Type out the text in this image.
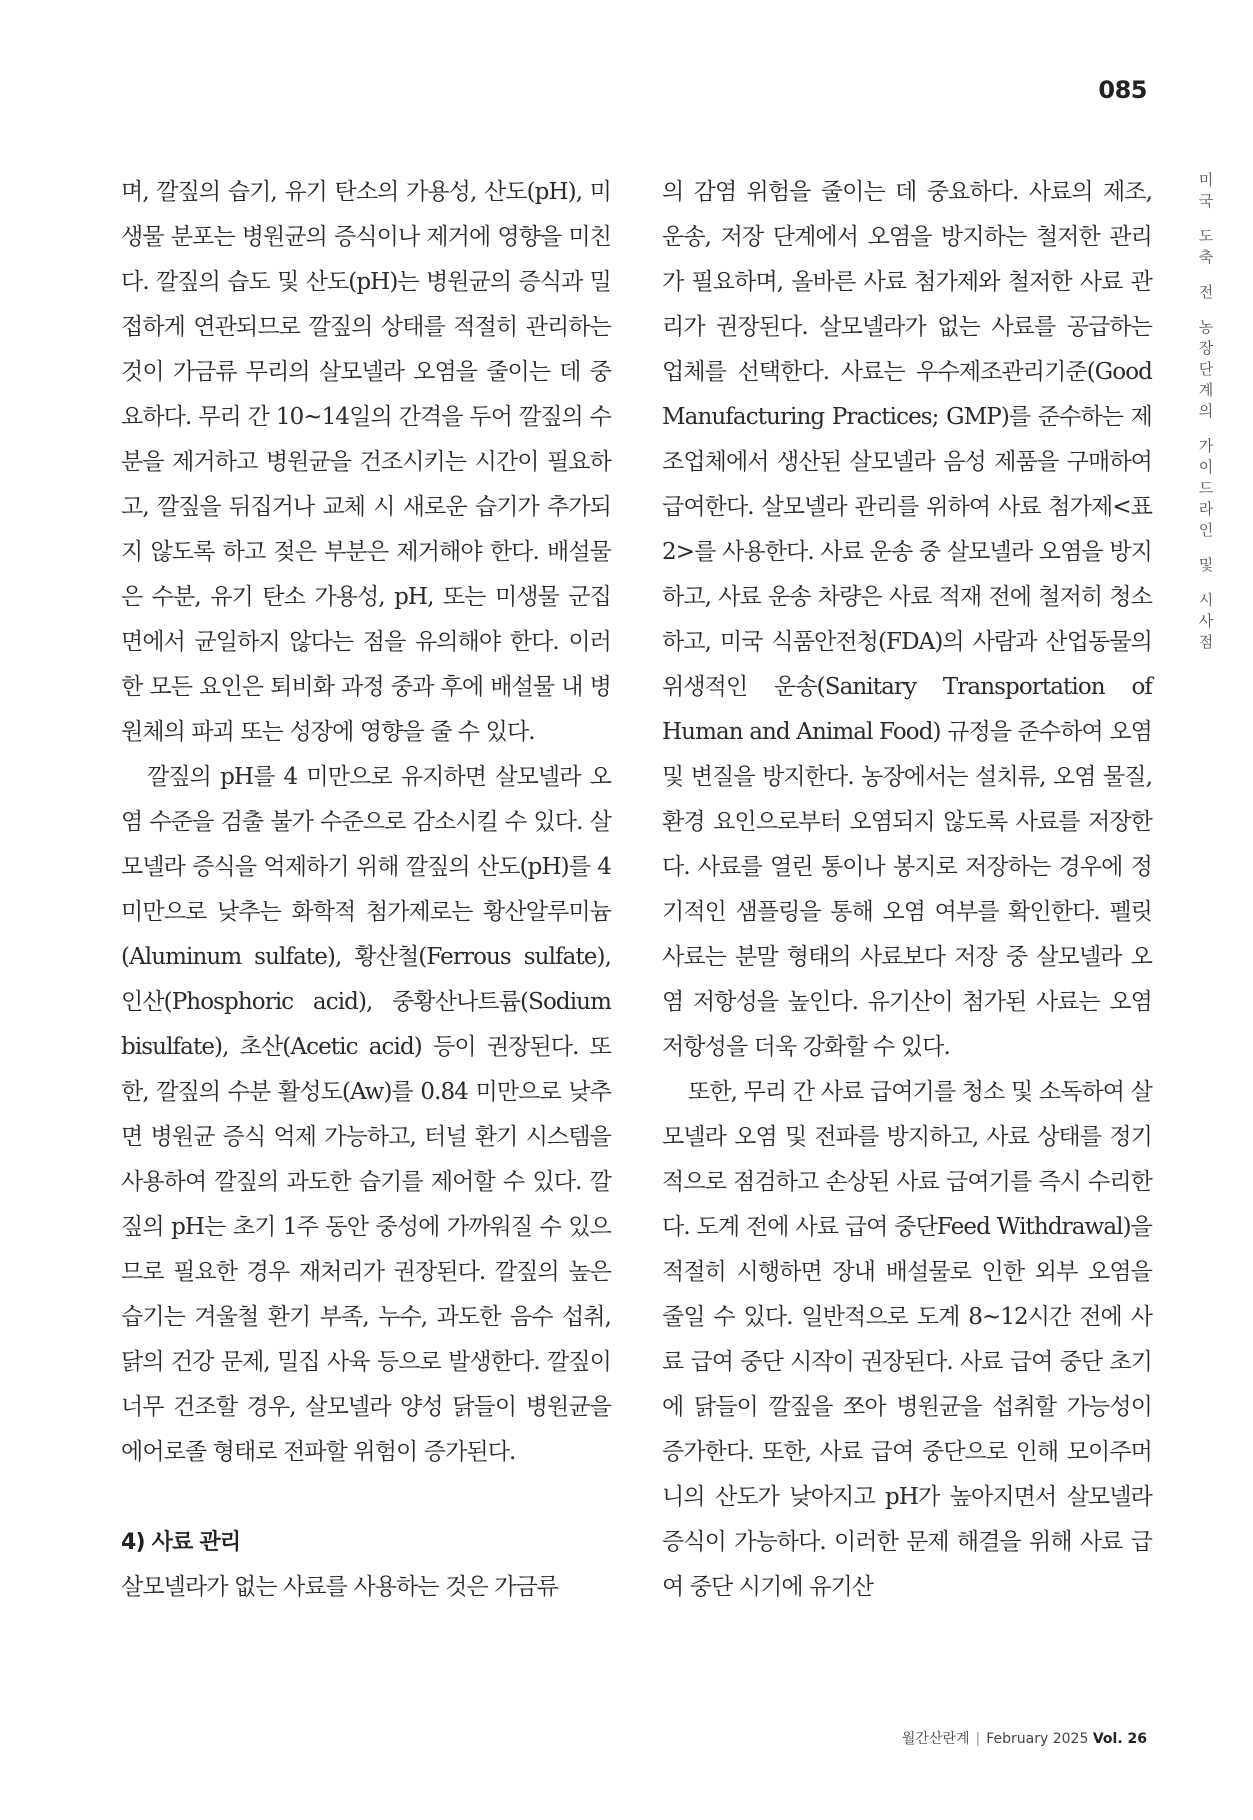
085
미
국
도
축
전
농
장
단
계
의
가
이
드
라
인
및
시
사
점

며, 깔짚의 습기, 유기 탄소의 가용성, 산도(pH), 미생물 분포는 병원균의 증식이나 제거에 영향을 미친다. 깔짚의 습도 및 산도(pH)는 병원균의 증식과 밀접하게 연관되므로 깔짚의 상태를 적절히 관리하는 것이 가금류 무리의 살모넬라 오염을 줄이는 데 중요하다. 무리 간 10~14일의 간격을 두어 깔짚의 수분을 제거하고 병원균을 건조시키는 시간이 필요하고, 깔짚을 뒤집거나 교체 시 새로운 습기가 추가되지 않도록 하고 젖은 부분은 제거해야 한다. 배설물은 수분, 유기 탄소 가용성, pH, 또는 미생물 군집 면에서 균일하지 않다는 점을 유의해야 한다. 이러한 모든 요인은 퇴비화 과정 중과 후에 배설물 내 병원체의 파괴 또는 성장에 영향을 줄 수 있다.

깔짚의 pH를 4 미만으로 유지하면 살모넬라 오염 수준을 검출 불가 수준으로 감소시킬 수 있다. 살모넬라 증식을 억제하기 위해 깔짚의 산도(pH)를 4 미만으로 낮추는 화학적 첨가제로는 황산알루미늄(Aluminum sulfate), 황산철(Ferrous sulfate), 인산(Phosphoric acid), 중황산나트륨(Sodium bisulfate), 초산(Acetic acid) 등이 권장된다. 또한, 깔짚의 수분 활성도(Aw)를 0.84 미만으로 낮추면 병원균 증식 억제 가능하고, 터널 환기 시스템을 사용하여 깔짚의 과도한 습기를 제어할 수 있다. 깔짚의 pH는 초기 1주 동안 중성에 가까워질 수 있으므로 필요한 경우 재처리가 권장된다. 깔짚의 높은 습기는 겨울철 환기 부족, 누수, 과도한 음수 섭취, 닭의 건강 문제, 밀집 사육 등으로 발생한다. 깔짚이 너무 건조할 경우, 살모넬라 양성 닭들이 병원균을 에어로졸 형태로 전파할 위험이 증가된다.

4) 사료 관리

살모넬라가 없는 사료를 사용하는 것은 가금류

의 감염 위험을 줄이는 데 중요하다. 사료의 제조, 운송, 저장 단계에서 오염을 방지하는 철저한 관리가 필요하며, 올바른 사료 첨가제와 철저한 사료 관리가 권장된다. 살모넬라가 없는 사료를 공급하는 업체를 선택한다. 사료는 우수제조관리기준(Good Manufacturing Practices; GMP)를 준수하는 제조업체에서 생산된 살모넬라 음성 제품을 구매하여 급여한다. 살모넬라 관리를 위하여 사료 첨가제<표 2>를 사용한다. 사료 운송 중 살모넬라 오염을 방지하고, 사료 운송 차량은 사료 적재 전에 철저히 청소하고, 미국 식품안전청(FDA)의 사람과 산업동물의 위생적인 운송(Sanitary Transportation of Human and Animal Food) 규정을 준수하여 오염 및 변질을 방지한다. 농장에서는 설치류, 오염 물질, 환경 요인으로부터 오염되지 않도록 사료를 저장한다. 사료를 열린 통이나 봉지로 저장하는 경우에 정기적인 샘플링을 통해 오염 여부를 확인한다. 펠릿 사료는 분말 형태의 사료보다 저장 중 살모넬라 오염 저항성을 높인다. 유기산이 첨가된 사료는 오염 저항성을 더욱 강화할 수 있다.

또한, 무리 간 사료 급여기를 청소 및 소독하여 살모넬라 오염 및 전파를 방지하고, 사료 상태를 정기적으로 점검하고 손상된 사료 급여기를 즉시 수리한다. 도계 전에 사료 급여 중단Feed Withdrawal)을 적절히 시행하면 장내 배설물로 인한 외부 오염을 줄일 수 있다. 일반적으로 도계 8~12시간 전에 사료 급여 중단 시작이 권장된다. 사료 급여 중단 초기에 닭들이 깔짚을 쪼아 병원균을 섭취할 가능성이 증가한다. 또한, 사료 급여 중단으로 인해 모이주머니의 산도가 낮아지고 pH가 높아지면서 살모넬라 증식이 가능하다. 이러한 문제 해결을 위해 사료 급여 중단 시기에 유기산

월간산란계 | February 2025 Vol. 26
